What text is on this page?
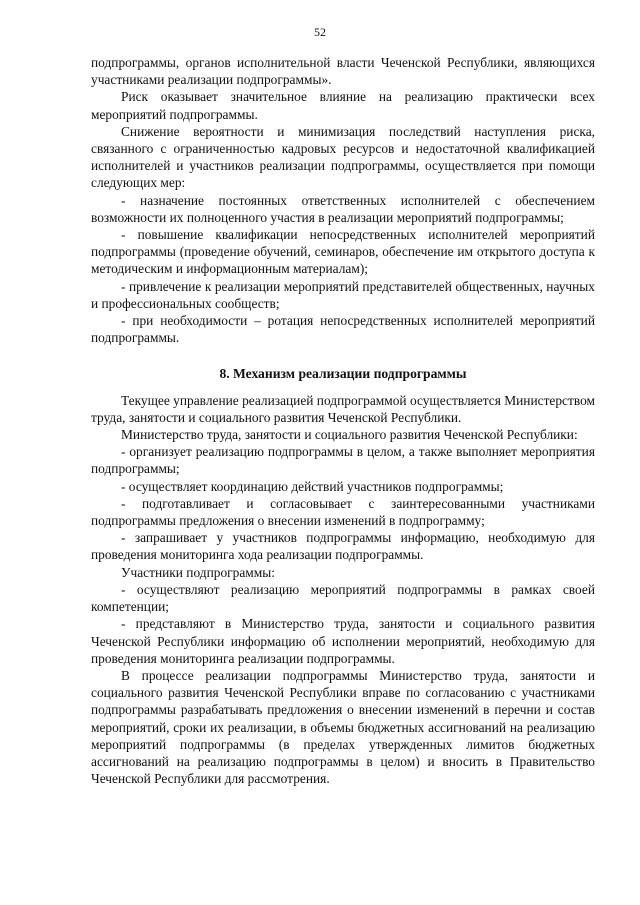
52

подпрограммы, органов исполнительной власти Чеченской Республики, являющихся участниками реализации подпрограммы».

Риск оказывает значительное влияние на реализацию практически всех мероприятий подпрограммы.

Снижение вероятности и минимизация последствий наступления риска, связанного с ограниченностью кадровых ресурсов и недостаточной квалификацией исполнителей и участников реализации подпрограммы, осуществляется при помощи следующих мер:

- назначение постоянных ответственных исполнителей с обеспечением возможности их полноценного участия в реализации мероприятий подпрограммы;

- повышение квалификации непосредственных исполнителей мероприятий подпрограммы (проведение обучений, семинаров, обеспечение им открытого доступа к методическим и информационным материалам);

- привлечение к реализации мероприятий представителей общественных, научных и профессиональных сообществ;

- при необходимости – ротация непосредственных исполнителей мероприятий подпрограммы.

8. Механизм реализации подпрограммы

Текущее управление реализацией подпрограммой осуществляется Министерством труда, занятости и социального развития Чеченской Республики.

Министерство труда, занятости и социального развития Чеченской Республики:

- организует реализацию подпрограммы в целом, а также выполняет мероприятия подпрограммы;

- осуществляет координацию действий участников подпрограммы;

- подготавливает и согласовывает с заинтересованными участниками подпрограммы предложения о внесении изменений в подпрограмму;

- запрашивает у участников подпрограммы информацию, необходимую для проведения мониторинга хода реализации подпрограммы.

Участники подпрограммы:

- осуществляют реализацию мероприятий подпрограммы в рамках своей компетенции;

- представляют в Министерство труда, занятости и социального развития Чеченской Республики информацию об исполнении мероприятий, необходимую для проведения мониторинга реализации подпрограммы.

В процессе реализации подпрограммы Министерство труда, занятости и социального развития Чеченской Республики вправе по согласованию с участниками подпрограммы разрабатывать предложения о внесении изменений в перечни и состав мероприятий, сроки их реализации, в объемы бюджетных ассигнований на реализацию мероприятий подпрограммы (в пределах утвержденных лимитов бюджетных ассигнований на реализацию подпрограммы в целом) и вносить в Правительство Чеченской Республики для рассмотрения.
